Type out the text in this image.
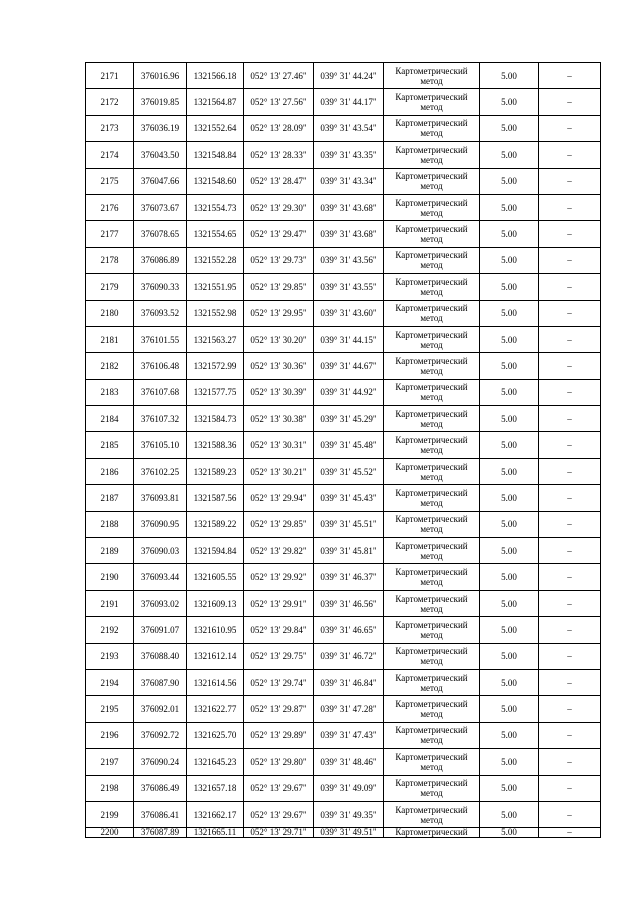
2171	376016.96	1321566.18	052° 13' 27.46"	039° 31' 44.24"	Картометрический метод	5.00	–
2172	376019.85	1321564.87	052° 13' 27.56"	039° 31' 44.17"	Картометрический метод	5.00	–
2173	376036.19	1321552.64	052° 13' 28.09"	039° 31' 43.54"	Картометрический метод	5.00	–
2174	376043.50	1321548.84	052° 13' 28.33"	039° 31' 43.35"	Картометрический метод	5.00	–
2175	376047.66	1321548.60	052° 13' 28.47"	039° 31' 43.34"	Картометрический метод	5.00	–
2176	376073.67	1321554.73	052° 13' 29.30"	039° 31' 43.68"	Картометрический метод	5.00	–
2177	376078.65	1321554.65	052° 13' 29.47"	039° 31' 43.68"	Картометрический метод	5.00	–
2178	376086.89	1321552.28	052° 13' 29.73"	039° 31' 43.56"	Картометрический метод	5.00	–
2179	376090.33	1321551.95	052° 13' 29.85"	039° 31' 43.55"	Картометрический метод	5.00	–
2180	376093.52	1321552.98	052° 13' 29.95"	039° 31' 43.60"	Картометрический метод	5.00	–
2181	376101.55	1321563.27	052° 13' 30.20"	039° 31' 44.15"	Картометрический метод	5.00	–
2182	376106.48	1321572.99	052° 13' 30.36"	039° 31' 44.67"	Картометрический метод	5.00	–
2183	376107.68	1321577.75	052° 13' 30.39"	039° 31' 44.92"	Картометрический метод	5.00	–
2184	376107.32	1321584.73	052° 13' 30.38"	039° 31' 45.29"	Картометрический метод	5.00	–
2185	376105.10	1321588.36	052° 13' 30.31"	039° 31' 45.48"	Картометрический метод	5.00	–
2186	376102.25	1321589.23	052° 13' 30.21"	039° 31' 45.52"	Картометрический метод	5.00	–
2187	376093.81	1321587.56	052° 13' 29.94"	039° 31' 45.43"	Картометрический метод	5.00	–
2188	376090.95	1321589.22	052° 13' 29.85"	039° 31' 45.51"	Картометрический метод	5.00	–
2189	376090.03	1321594.84	052° 13' 29.82"	039° 31' 45.81"	Картометрический метод	5.00	–
2190	376093.44	1321605.55	052° 13' 29.92"	039° 31' 46.37"	Картометрический метод	5.00	–
2191	376093.02	1321609.13	052° 13' 29.91"	039° 31' 46.56"	Картометрический метод	5.00	–
2192	376091.07	1321610.95	052° 13' 29.84"	039° 31' 46.65"	Картометрический метод	5.00	–
2193	376088.40	1321612.14	052° 13' 29.75"	039° 31' 46.72"	Картометрический метод	5.00	–
2194	376087.90	1321614.56	052° 13' 29.74"	039° 31' 46.84"	Картометрический метод	5.00	–
2195	376092.01	1321622.77	052° 13' 29.87"	039° 31' 47.28"	Картометрический метод	5.00	–
2196	376092.72	1321625.70	052° 13' 29.89"	039° 31' 47.43"	Картометрический метод	5.00	–
2197	376090.24	1321645.23	052° 13' 29.80"	039° 31' 48.46"	Картометрический метод	5.00	–
2198	376086.49	1321657.18	052° 13' 29.67"	039° 31' 49.09"	Картометрический метод	5.00	–
2199	376086.41	1321662.17	052° 13' 29.67"	039° 31' 49.35"	Картометрический метод	5.00	–
2200	376087.89	1321665.11	052° 13' 29.71"	039° 31' 49.51"	Картометрический	5.00	–
